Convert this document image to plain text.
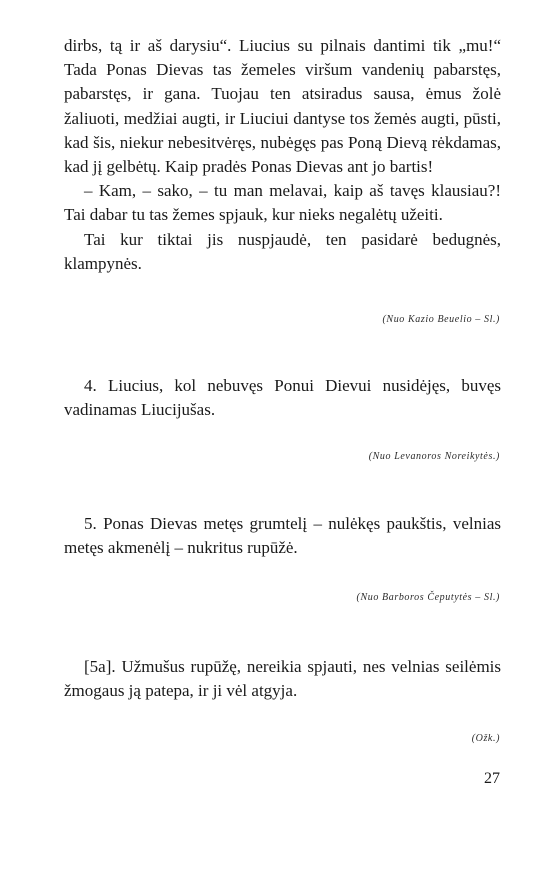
dirbs, tą ir aš darysiu“. Liucius su pilnais dantimi tik „mu!“ Tada Ponas Dievas tas žemeles viršum vandenių pabarstęs, pabarstęs, ir gana. Tuojau ten atsiradus sausa, ėmus žolė žaliuoti, medžiai augti, ir Liuciui dantyse tos žemės augti, pūsti, kad šis, niekur nebesitvėręs, nubėgęs pas Poną Dievą rėkdamas, kad jį gelbėtų. Kaip pradės Ponas Dievas ant jo bartis!

– Kam, – sako, – tu man melavai, kaip aš tavęs klausiau?! Tai dabar tu tas žemes spjauk, kur nieks negalėtų užeiti.

Tai kur tiktai jis nuspjaudė, ten pasidarė bedugnės, klampynės.

(Nuo Kazio Beuelio – Sl.)

4. Liucius, kol nebuvęs Ponui Dievui nusidėjęs, buvęs vadinamas Liucijušas.

(Nuo Levanoros Noreikytės.)

5. Ponas Dievas metęs grumtelį – nulėkęs paukštis, velnias metęs akmenėlį – nukritus rupūžė.

(Nuo Barboros Čeputytės – Sl.)

[5a]. Užmušus rupūžę, nereikia spjauti, nes velnias seilėmis žmogaus ją patepa, ir ji vėl atgyja.

(Ožk.)
27
